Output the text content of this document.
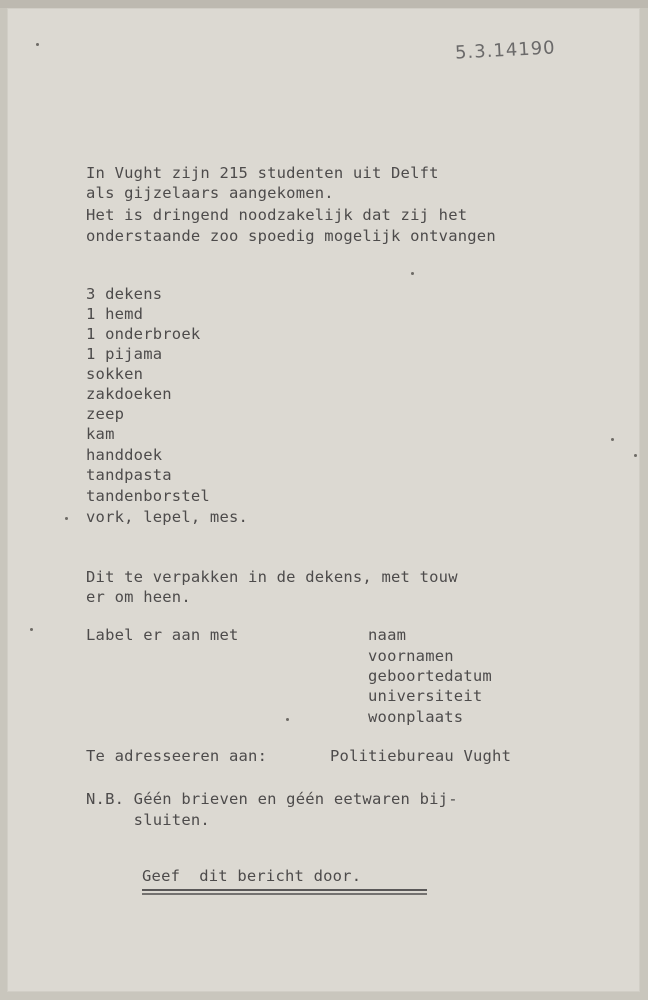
5.3.14190
In Vught zijn 215 studenten uit Delft
als gijzelaars aangekomen.
Het is dringend noodzakelijk dat zij het
onderstaande zoo spoedig mogelijk ontvangen
3 dekens
1 hemd
1 onderbroek
1 pijama
sokken
zakdoeken
zeep
kam
handdoek
tandpasta
tandenborstel
vork, lepel, mes.
Dit te verpakken in de dekens, met touw
er om heen.
Label er aan met	naam
voornamen
geboortedatum
universiteit
woonplaats
Te adresseeren aan:	Politiebureau Vught
N.B. Géén brieven en géén eetwaren bij-
sluiten.
Geef  dit bericht door.
